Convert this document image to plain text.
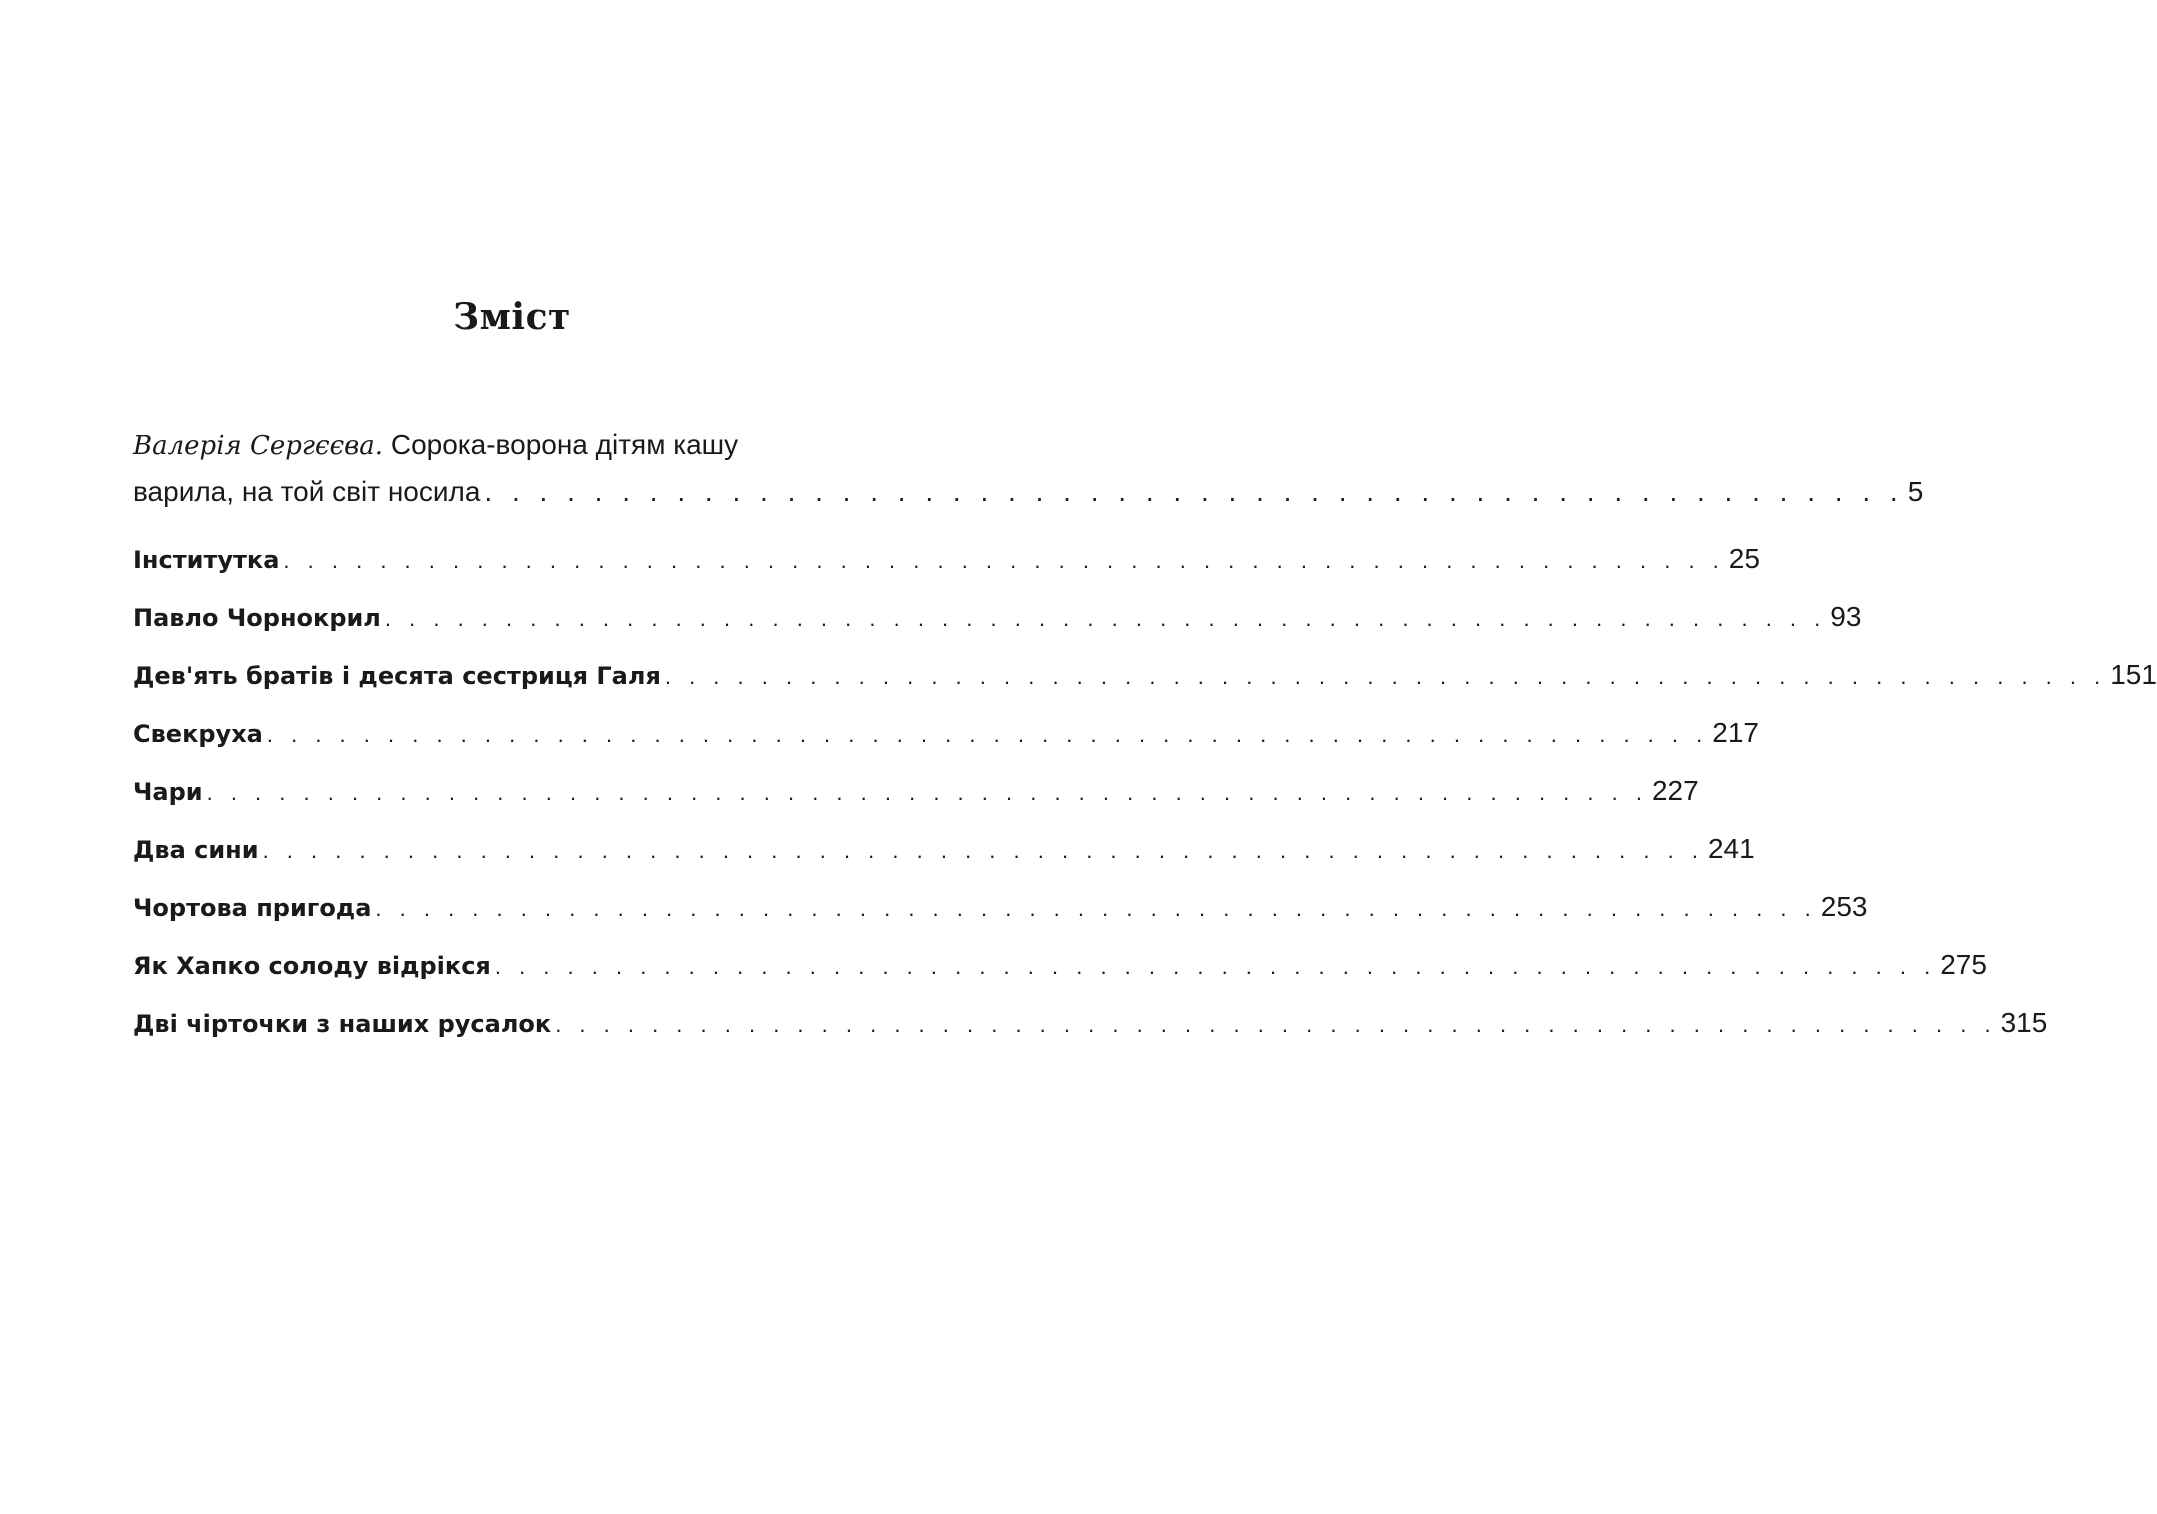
Зміст
Валерія Сергєєва. Сорока-ворона дітям кашу
варила, на той світ носила . . . . . . . . . . . . . . . . . . . . . . . . . . . . . . . . . . . . . . . . . . . . . . . . . . . . 5
Інститутка . . . . . . . . . . . . . . . . . . . . . . . . . . . . . . . . . . . . . . . . . . . . . . . . . . . . . . . . . . . . 25
Павло Чорнокрил . . . . . . . . . . . . . . . . . . . . . . . . . . . . . . . . . . . . . . . . . . . . . . . . . . . . . . . . . . . . 93
Дев'ять братів і десята сестриця Галя . . . . . . . . . . . . . . . . . . . . . . . . . . . . . . . . . . . . . . . . . . . . . . . . . . . . . . . . . . . . 151
Свекруха . . . . . . . . . . . . . . . . . . . . . . . . . . . . . . . . . . . . . . . . . . . . . . . . . . . . . . . . . . . . 217
Чари . . . . . . . . . . . . . . . . . . . . . . . . . . . . . . . . . . . . . . . . . . . . . . . . . . . . . . . . . . . . 227
Два сини . . . . . . . . . . . . . . . . . . . . . . . . . . . . . . . . . . . . . . . . . . . . . . . . . . . . . . . . . . . . 241
Чортова пригода . . . . . . . . . . . . . . . . . . . . . . . . . . . . . . . . . . . . . . . . . . . . . . . . . . . . . . . . . . . . 253
Як Хапко солоду відрікся . . . . . . . . . . . . . . . . . . . . . . . . . . . . . . . . . . . . . . . . . . . . . . . . . . . . . . . . . . . . 275
Дві чірточки з наших русалок . . . . . . . . . . . . . . . . . . . . . . . . . . . . . . . . . . . . . . . . . . . . . . . . . . . . . . . . . . . . 315
